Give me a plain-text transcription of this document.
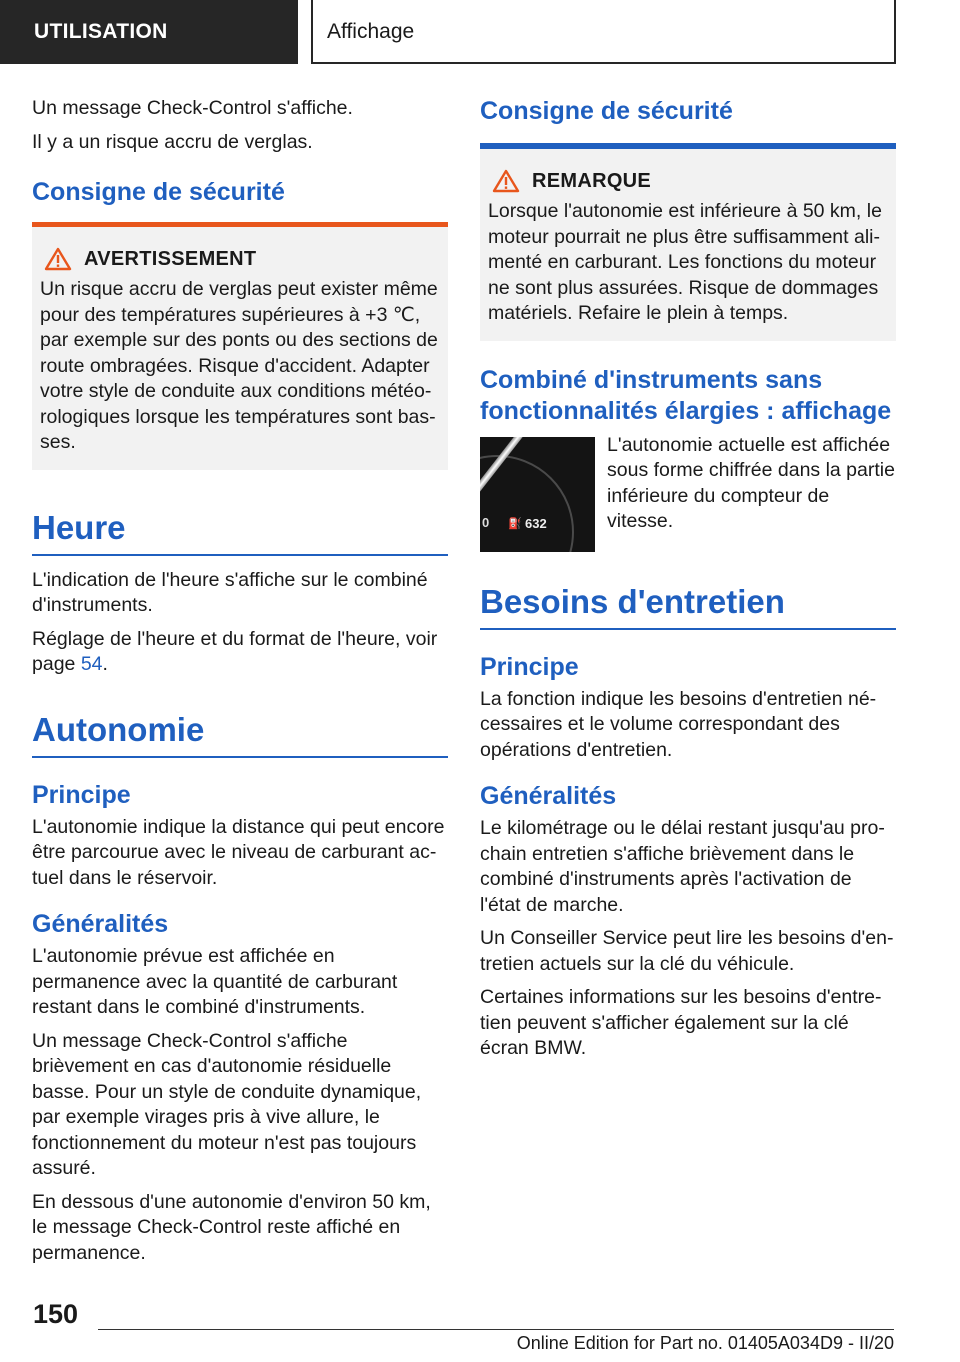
UTILISATION	Affichage

Un message Check-Control s'affiche.

Il y a un risque accru de verglas.

Consigne de sécurité
AVERTISSEMENT

Un risque accru de verglas peut exister même pour des températures supérieures à +3 ℃, par exemple sur des ponts ou des sections de route ombragées. Risque d'accident. Adapter votre style de conduite aux conditions météorologiques lorsque les températures sont basses.

Heure

L'indication de l'heure s'affiche sur le combiné d'instruments.

Réglage de l'heure et du format de l'heure, voir page 54.

Autonomie
Principe

L'autonomie indique la distance qui peut encore être parcourue avec le niveau de carburant actuel dans le réservoir.

Généralités

L'autonomie prévue est affichée en permanence avec la quantité de carburant restant dans le combiné d'instruments.

Un message Check-Control s'affiche brièvement en cas d'autonomie résiduelle basse. Pour un style de conduite dynamique, par exemple virages pris à vive allure, le fonctionnement du moteur n'est pas toujours assuré.

En dessous d'une autonomie d'environ 50 km, le message Check-Control reste affiché en permanence.

Consigne de sécurité
REMARQUE

Lorsque l'autonomie est inférieure à 50 km, le moteur pourrait ne plus être suffisamment alimenté en carburant. Les fonctions du moteur ne sont plus assurées. Risque de dommages matériels. Refaire le plein à temps.

Combiné d'instruments sans fonctionnalités élargies : affichage
0 ⛽ 632

L'autonomie actuelle est affichée sous forme chiffrée dans la partie inférieure du compteur de vitesse.

Besoins d'entretien
Principe

La fonction indique les besoins d'entretien nécessaires et le volume correspondant des opérations d'entretien.

Généralités

Le kilométrage ou le délai restant jusqu'au prochain entretien s'affiche brièvement dans le combiné d'instruments après l'activation de l'état de marche.

Un Conseiller Service peut lire les besoins d'entretien actuels sur la clé du véhicule.

Certaines informations sur les besoins d'entretien peuvent s'afficher également sur la clé écran BMW.

150
Online Edition for Part no. 01405A034D9 - II/20
